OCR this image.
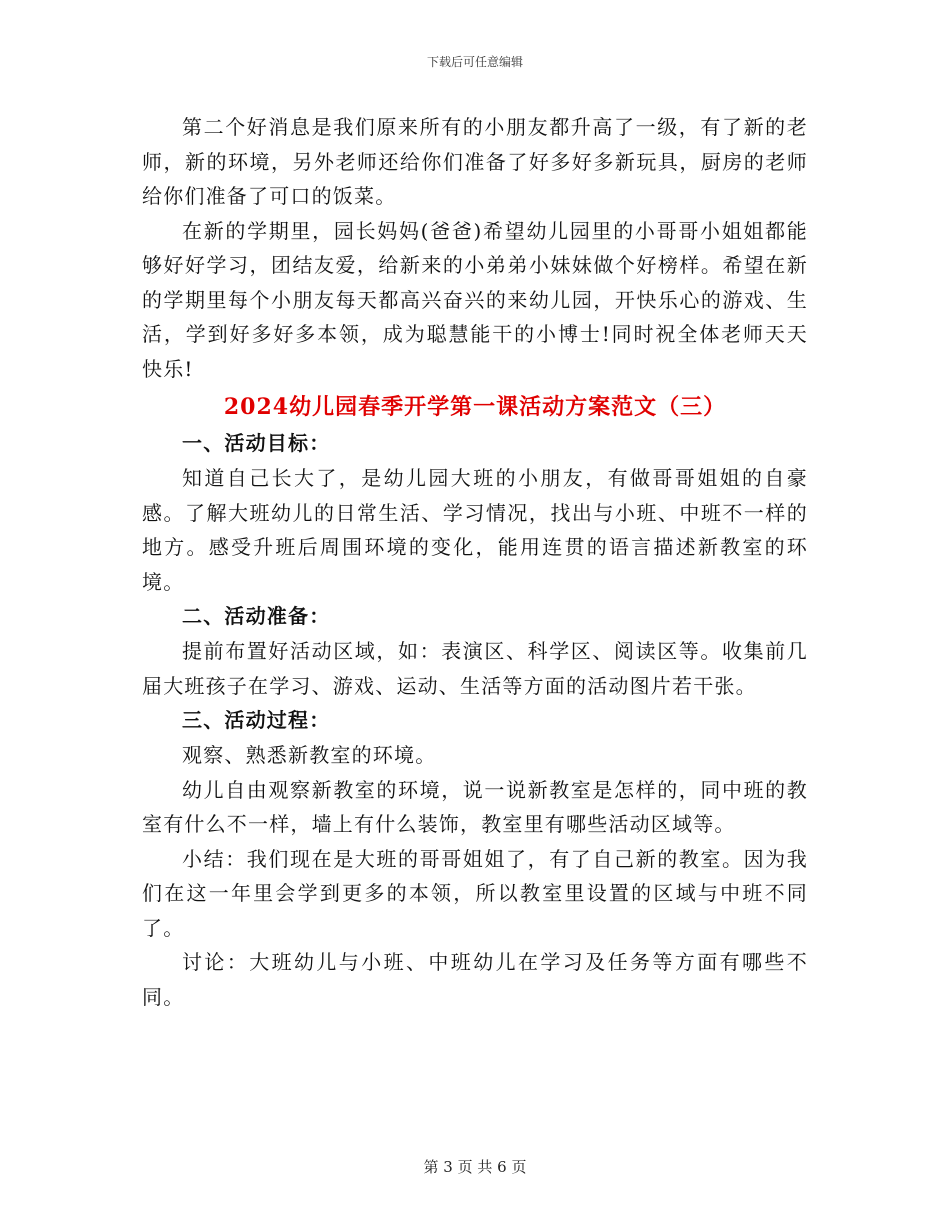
下载后可任意编辑

第二个好消息是我们原来所有的小朋友都升高了一级，有了新的老师，新的环境，另外老师还给你们准备了好多好多新玩具，厨房的老师给你们准备了可口的饭菜。

在新的学期里，园长妈妈(爸爸)希望幼儿园里的小哥哥小姐姐都能够好好学习，团结友爱，给新来的小弟弟小妹妹做个好榜样。希望在新的学期里每个小朋友每天都高兴奋兴的来幼儿园，开快乐心的游戏、生活，学到好多好多本领，成为聪慧能干的小博士!同时祝全体老师天天快乐!

2024幼儿园春季开学第一课活动方案范文（三）

一、活动目标：

知道自己长大了，是幼儿园大班的小朋友，有做哥哥姐姐的自豪感。了解大班幼儿的日常生活、学习情况，找出与小班、中班不一样的地方。感受升班后周围环境的变化，能用连贯的语言描述新教室的环境。

二、活动准备：

提前布置好活动区域，如：表演区、科学区、阅读区等。收集前几届大班孩子在学习、游戏、运动、生活等方面的活动图片若干张。

三、活动过程：

观察、熟悉新教室的环境。

幼儿自由观察新教室的环境，说一说新教室是怎样的，同中班的教室有什么不一样，墙上有什么装饰，教室里有哪些活动区域等。

小结：我们现在是大班的哥哥姐姐了，有了自己新的教室。因为我们在这一年里会学到更多的本领，所以教室里设置的区域与中班不同了。

讨论：大班幼儿与小班、中班幼儿在学习及任务等方面有哪些不同。

第 3 页 共 6 页
